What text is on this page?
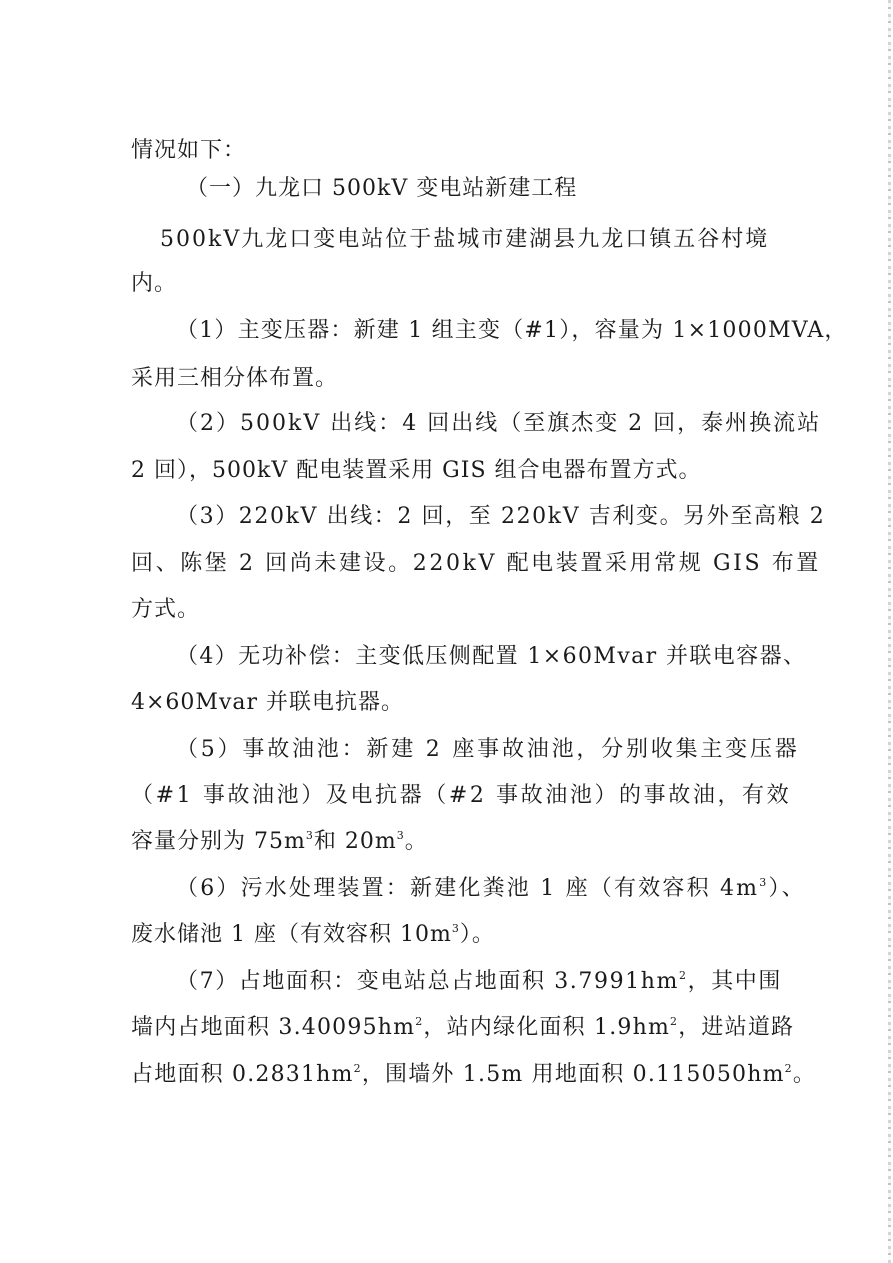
情况如下：
（一）九龙口 500kV 变电站新建工程
500kV九龙口变电站位于盐城市建湖县九龙口镇五谷村境
内。
（1）主变压器：新建 1 组主变（#1），容量为 1×1000MVA，
采用三相分体布置。
（2）500kV 出线：4 回出线（至旗杰变 2 回，泰州换流站
2 回），500kV 配电装置采用 GIS 组合电器布置方式。
（3）220kV 出线：2 回，至 220kV 吉利变。另外至高粮 2
回、陈堡 2 回尚未建设。220kV 配电装置采用常规 GIS 布置
方式。
（4）无功补偿：主变低压侧配置 1×60Mvar 并联电容器、
4×60Mvar 并联电抗器。
（5）事故油池：新建 2 座事故油池，分别收集主变压器
（#1 事故油池）及电抗器（#2 事故油池）的事故油，有效
容量分别为 $75m^3$和 $20m^3$。
（6）污水处理装置：新建化粪池 1 座（有效容积 $4m^3$）、
废水储池 1 座（有效容积 $10m^3$）。
（7）占地面积：变电站总占地面积 $3.7991hm^2$，其中围
墙内占地面积 $3.40095hm^2$，站内绿化面积 $1.9hm^2$，进站道路
占地面积 $0.2831hm^2$，围墙外 1.5m 用地面积 $0.115050hm^2$。
